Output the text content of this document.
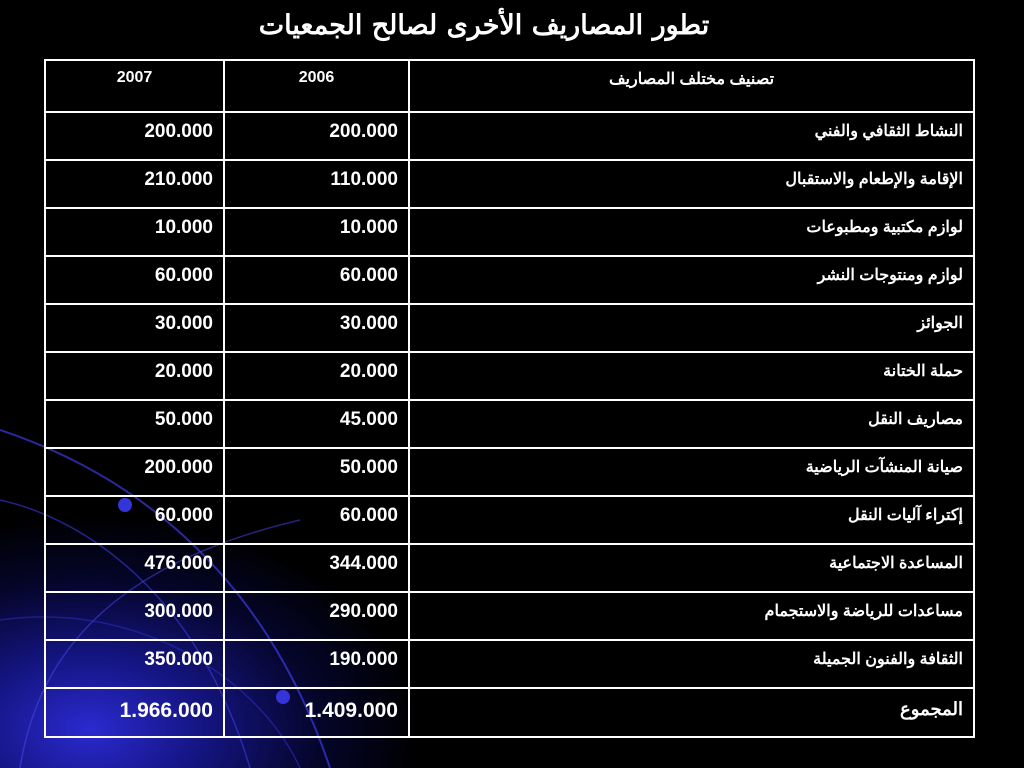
تطور المصاريف الأخرى لصالح الجمعيات
2007	2006	تصنيف مختلف المصاريف
200.000	200.000	النشاط الثقافي والفني
210.000	110.000	الإقامة والإطعام والاستقبال
10.000	10.000	لوازم مكتبية ومطبوعات
60.000	60.000	لوازم ومنتوجات النشر
30.000	30.000	الجوائز
20.000	20.000	حملة الختانة
50.000	45.000	مصاريف النقل
200.000	50.000	صيانة المنشآت الرياضية
60.000	60.000	إكتراء آليات النقل
476.000	344.000	المساعدة الاجتماعية
300.000	290.000	مساعدات للرياضة والاستجمام
350.000	190.000	الثقافة والفنون الجميلة
1.966.000	1.409.000	المجموع
